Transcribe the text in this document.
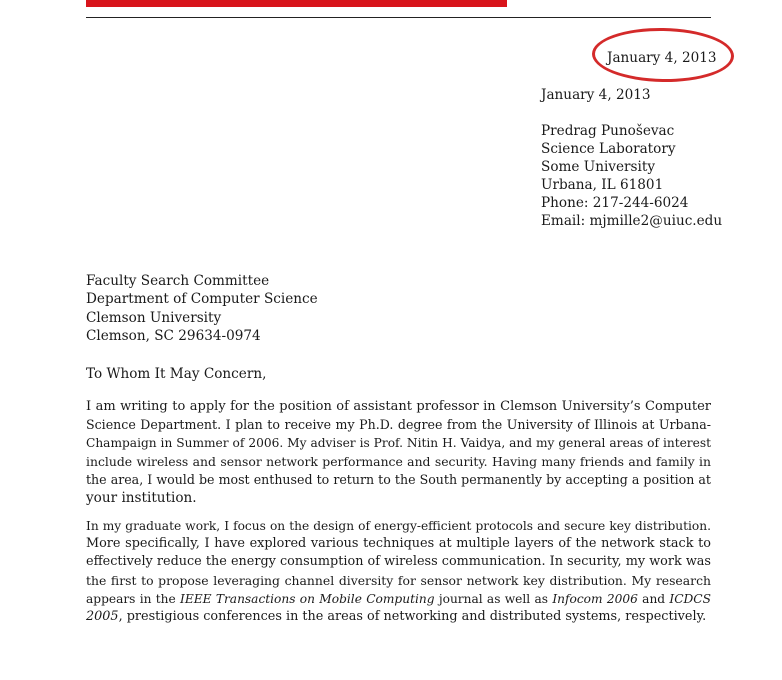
January 4, 2013
January 4, 2013
Predrag Punoševac
Science Laboratory
Some University
Urbana, IL 61801
Phone: 217-244-6024
Email: mjmille2@uiuc.edu
Faculty Search Committee
Department of Computer Science
Clemson University
Clemson, SC 29634-0974
To Whom It May Concern,
I am writing to apply for the position of assistant professor in Clemson University’s Computer
Science Department. I plan to receive my Ph.D. degree from the University of Illinois at Urbana-
Champaign in Summer of 2006. My adviser is Prof. Nitin H. Vaidya, and my general areas of interest
include wireless and sensor network performance and security. Having many friends and family in
the area, I would be most enthused to return to the South permanently by accepting a position at
your institution.
In my graduate work, I focus on the design of energy-efficient protocols and secure key distribution.
More specifically, I have explored various techniques at multiple layers of the network stack to
effectively reduce the energy consumption of wireless communication. In security, my work was
the first to propose leveraging channel diversity for sensor network key distribution. My research
appears in the IEEE Transactions on Mobile Computing journal as well as Infocom 2006 and ICDCS
2005, prestigious conferences in the areas of networking and distributed systems, respectively.
